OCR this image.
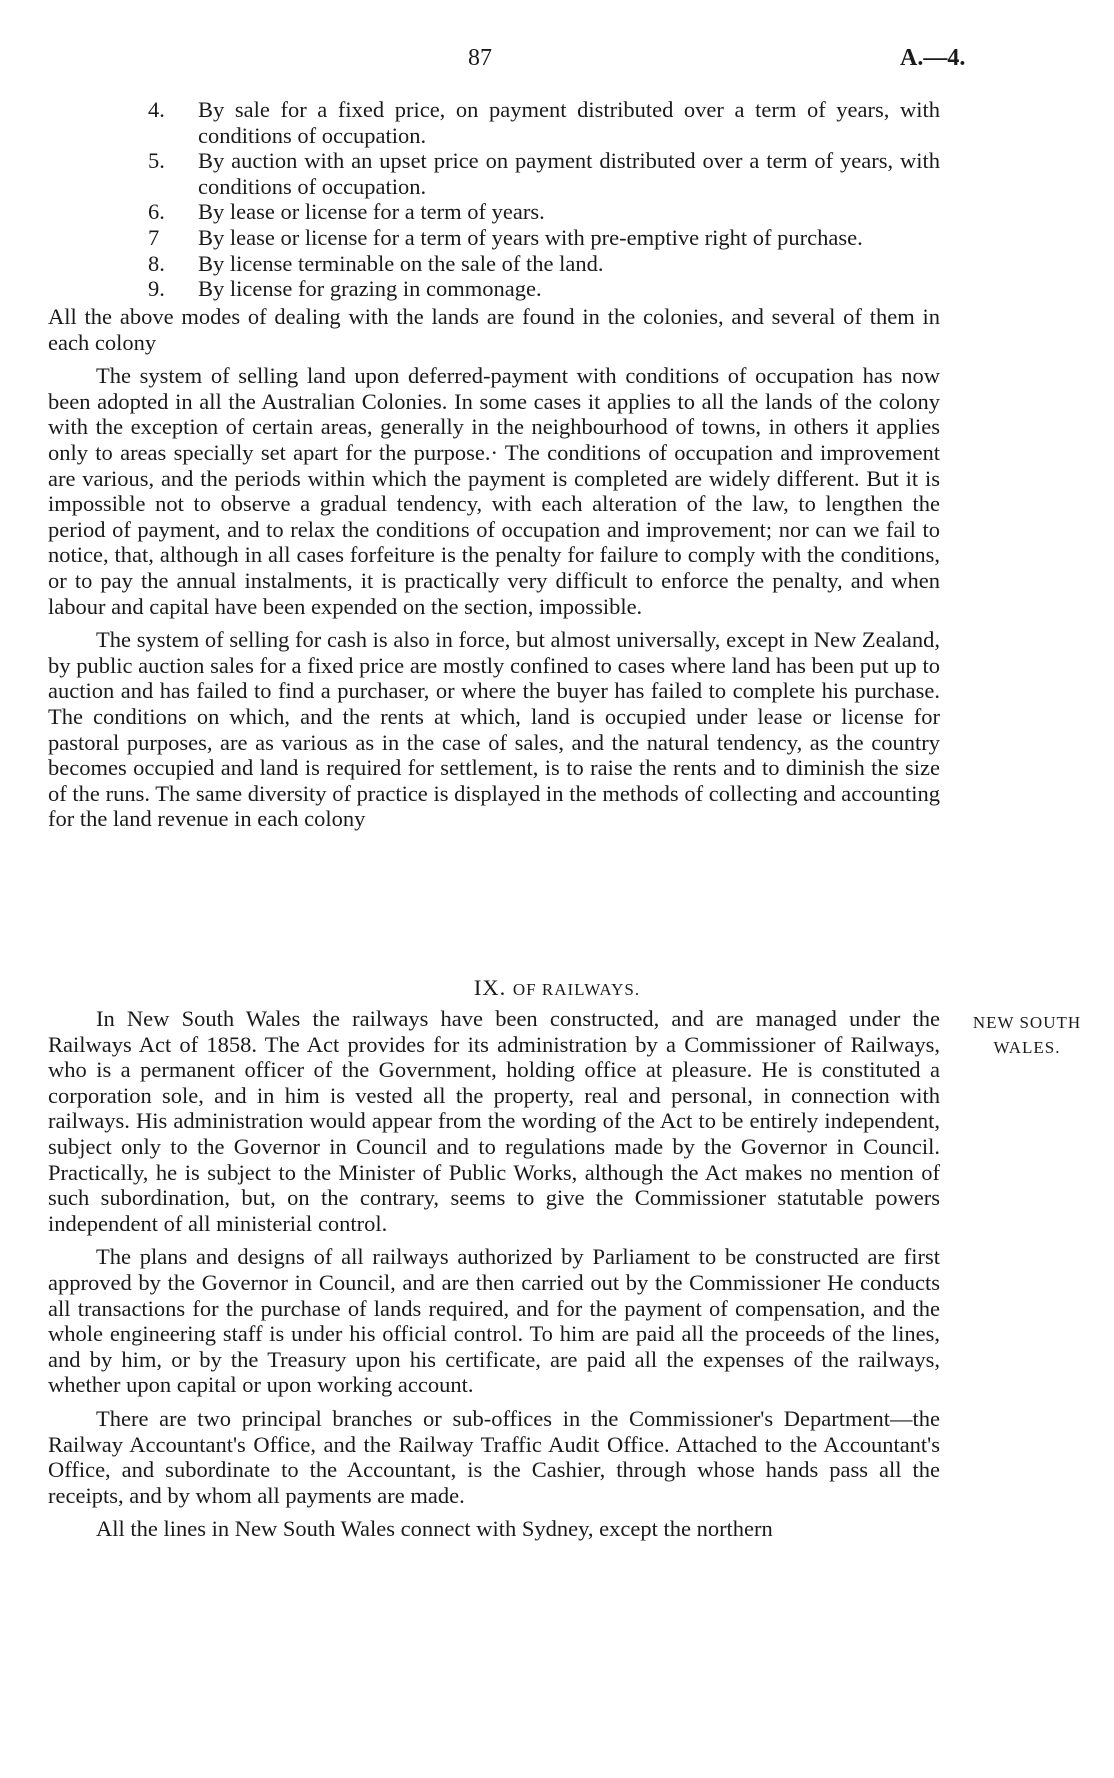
87	A.—4.
4. By sale for a fixed price, on payment distributed over a term of years, with conditions of occupation.
5. By auction with an upset price on payment distributed over a term of years, with conditions of occupation.
6. By lease or license for a term of years.
7 By lease or license for a term of years with pre-emptive right of purchase.
8. By license terminable on the sale of the land.
9. By license for grazing in commonage.

All the above modes of dealing with the lands are found in the colonies, and several of them in each colony

The system of selling land upon deferred-payment with conditions of occupation has now been adopted in all the Australian Colonies. In some cases it applies to all the lands of the colony with the exception of certain areas, generally in the neighbourhood of towns, in others it applies only to areas specially set apart for the purpose.· The conditions of occupation and improvement are various, and the periods within which the payment is completed are widely different. But it is impossible not to observe a gradual tendency, with each alteration of the law, to lengthen the period of payment, and to relax the conditions of occupation and improvement; nor can we fail to notice, that, although in all cases forfeiture is the penalty for failure to comply with the conditions, or to pay the annual instalments, it is practically very difficult to enforce the penalty, and when labour and capital have been expended on the section, impossible.

The system of selling for cash is also in force, but almost universally, except in New Zealand, by public auction sales for a fixed price are mostly confined to cases where land has been put up to auction and has failed to find a purchaser, or where the buyer has failed to complete his purchase. The conditions on which, and the rents at which, land is occupied under lease or license for pastoral purposes, are as various as in the case of sales, and the natural tendency, as the country becomes occupied and land is required for settlement, is to raise the rents and to diminish the size of the runs. The same diversity of practice is displayed in the methods of collecting and accounting for the land revenue in each colony

IX. OF RAILWAYS.
NEW SOUTH
WALES.

In New South Wales the railways have been constructed, and are managed under the Railways Act of 1858. The Act provides for its administration by a Commissioner of Railways, who is a permanent officer of the Government, holding office at pleasure. He is constituted a corporation sole, and in him is vested all the property, real and personal, in connection with railways. His administration would appear from the wording of the Act to be entirely independent, subject only to the Governor in Council and to regulations made by the Governor in Council. Practically, he is subject to the Minister of Public Works, although the Act makes no mention of such subordination, but, on the contrary, seems to give the Commissioner statutable powers independent of all ministerial control.

The plans and designs of all railways authorized by Parliament to be constructed are first approved by the Governor in Council, and are then carried out by the Commissioner He conducts all transactions for the purchase of lands required, and for the payment of compensation, and the whole engineering staff is under his official control. To him are paid all the proceeds of the lines, and by him, or by the Treasury upon his certificate, are paid all the expenses of the railways, whether upon capital or upon working account.

There are two principal branches or sub-offices in the Commissioner's Department—the Railway Accountant's Office, and the Railway Traffic Audit Office. Attached to the Accountant's Office, and subordinate to the Accountant, is the Cashier, through whose hands pass all the receipts, and by whom all payments are made.

All the lines in New South Wales connect with Sydney, except the northern
